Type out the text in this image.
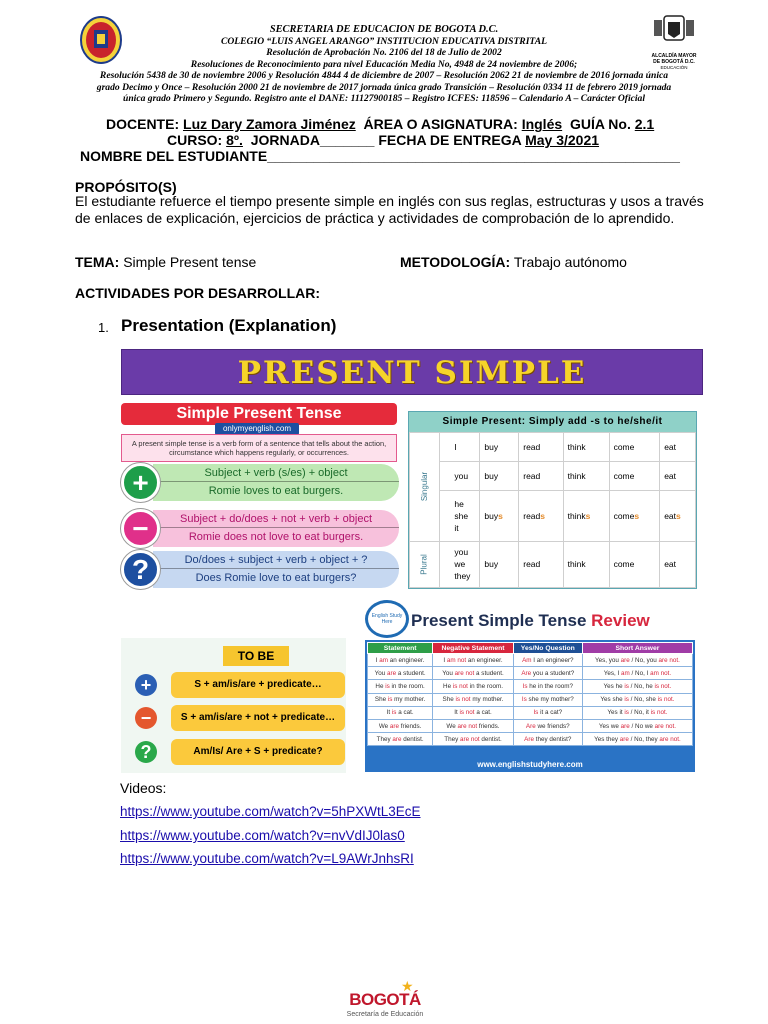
SECRETARIA DE EDUCACION DE BOGOTA D.C.
COLEGIO “LUIS ANGEL ARANGO” INSTITUCION EDUCATIVA DISTRITAL
Resolución de Aprobación No. 2106 del 18 de Julio de 2002
Resoluciones de Reconocimiento para nivel Educación Media No, 4948 de 24 noviembre de 2006;
Resolución 5438 de 30 de noviembre 2006 y Resolución 4844 4 de diciembre de 2007 – Resolución 2062 21 de noviembre de 2016 jornada única
grado Decimo y Once – Resolución 2000 21 de noviembre de 2017 jornada única grado Transición – Resolución 0334 11 de febrero 2019 jornada
única grado Primero y Segundo. Registro ante el DANE: 11127900185 – Registro ICFES: 118596 – Calendario A – Carácter Oficial
ALCALDÍA MAYOR DE BOGOTÁ D.C.
EDUCACIÓN
DOCENTE: Luz Dary Zamora Jiménez ÁREA O ASIGNATURA: Inglés GUÍA No. 2.1
CURSO: 8º. JORNADA_______ FECHA DE ENTREGA May 3/2021
NOMBRE DEL ESTUDIANTE_____________________________________________________
PROPÓSITO(S)
El estudiante refuerce el tiempo presente simple en inglés con sus reglas, estructuras y usos a través de enlaces de explicación, ejercicios de práctica y actividades de comprobación de lo aprendido.
TEMA: Simple Present tense	METODOLOGÍA: Trabajo autónomo
ACTIVIDADES POR DESARROLLAR:
1. Presentation (Explanation)
PRESENT SIMPLE
Simple Present Tense
onlymyenglish.com
A present simple tense is a verb form of a sentence that tells about the action, circumstance which happens regularly, or occurrences.
Subject + verb (s/es) + object
Romie loves to eat burgers.
+
Subject + do/does + not + verb + object
Romie does not love to eat burgers.
−
Do/does + subject + verb + object + ?
Does Romie love to eat burgers?
?
Simple Present: Simply add -s to he/she/it
Singular	I	buy	read	think	come	eat
	you	buy	read	think	come	eat
	he
she
it	buys	reads	thinks	comes	eats
Plural	you
we
they	buy	read	think	come	eat
TO BE
+	S + am/is/are + predicate…
−	S + am/is/are + not + predicate…
?	Am/Is/ Are + S + predicate?
English Study Here	Present Simple Tense Review
Statement	Negative Statement	Yes/No Question	Short Answer
I am an engineer.	I am not an engineer.	Am I an engineer?	Yes, you are / No, you are not.
You are a student.	You are not a student.	Are you a student?	Yes, I am / No, I am not.
He is in the room.	He is not in the room.	Is he in the room?	Yes he is / No, he is not.
She is my mother.	She is not my mother.	Is she my mother?	Yes she is / No, she is not.
It is a cat.	It is not a cat.	Is it a cat?	Yes it is / No, it is not.
We are friends.	We are not friends.	Are we friends?	Yes we are / No we are not.
They are dentist.	They are not dentist.	Are they dentist?	Yes they are / No, they are not.
www.englishstudyhere.com
Videos:
https://www.youtube.com/watch?v=5hPXWtL3EcE
https://www.youtube.com/watch?v=nvVdIJ0las0
https://www.youtube.com/watch?v=L9AWrJnhsRI
★
BOGOTÁ
Secretaría de Educación
